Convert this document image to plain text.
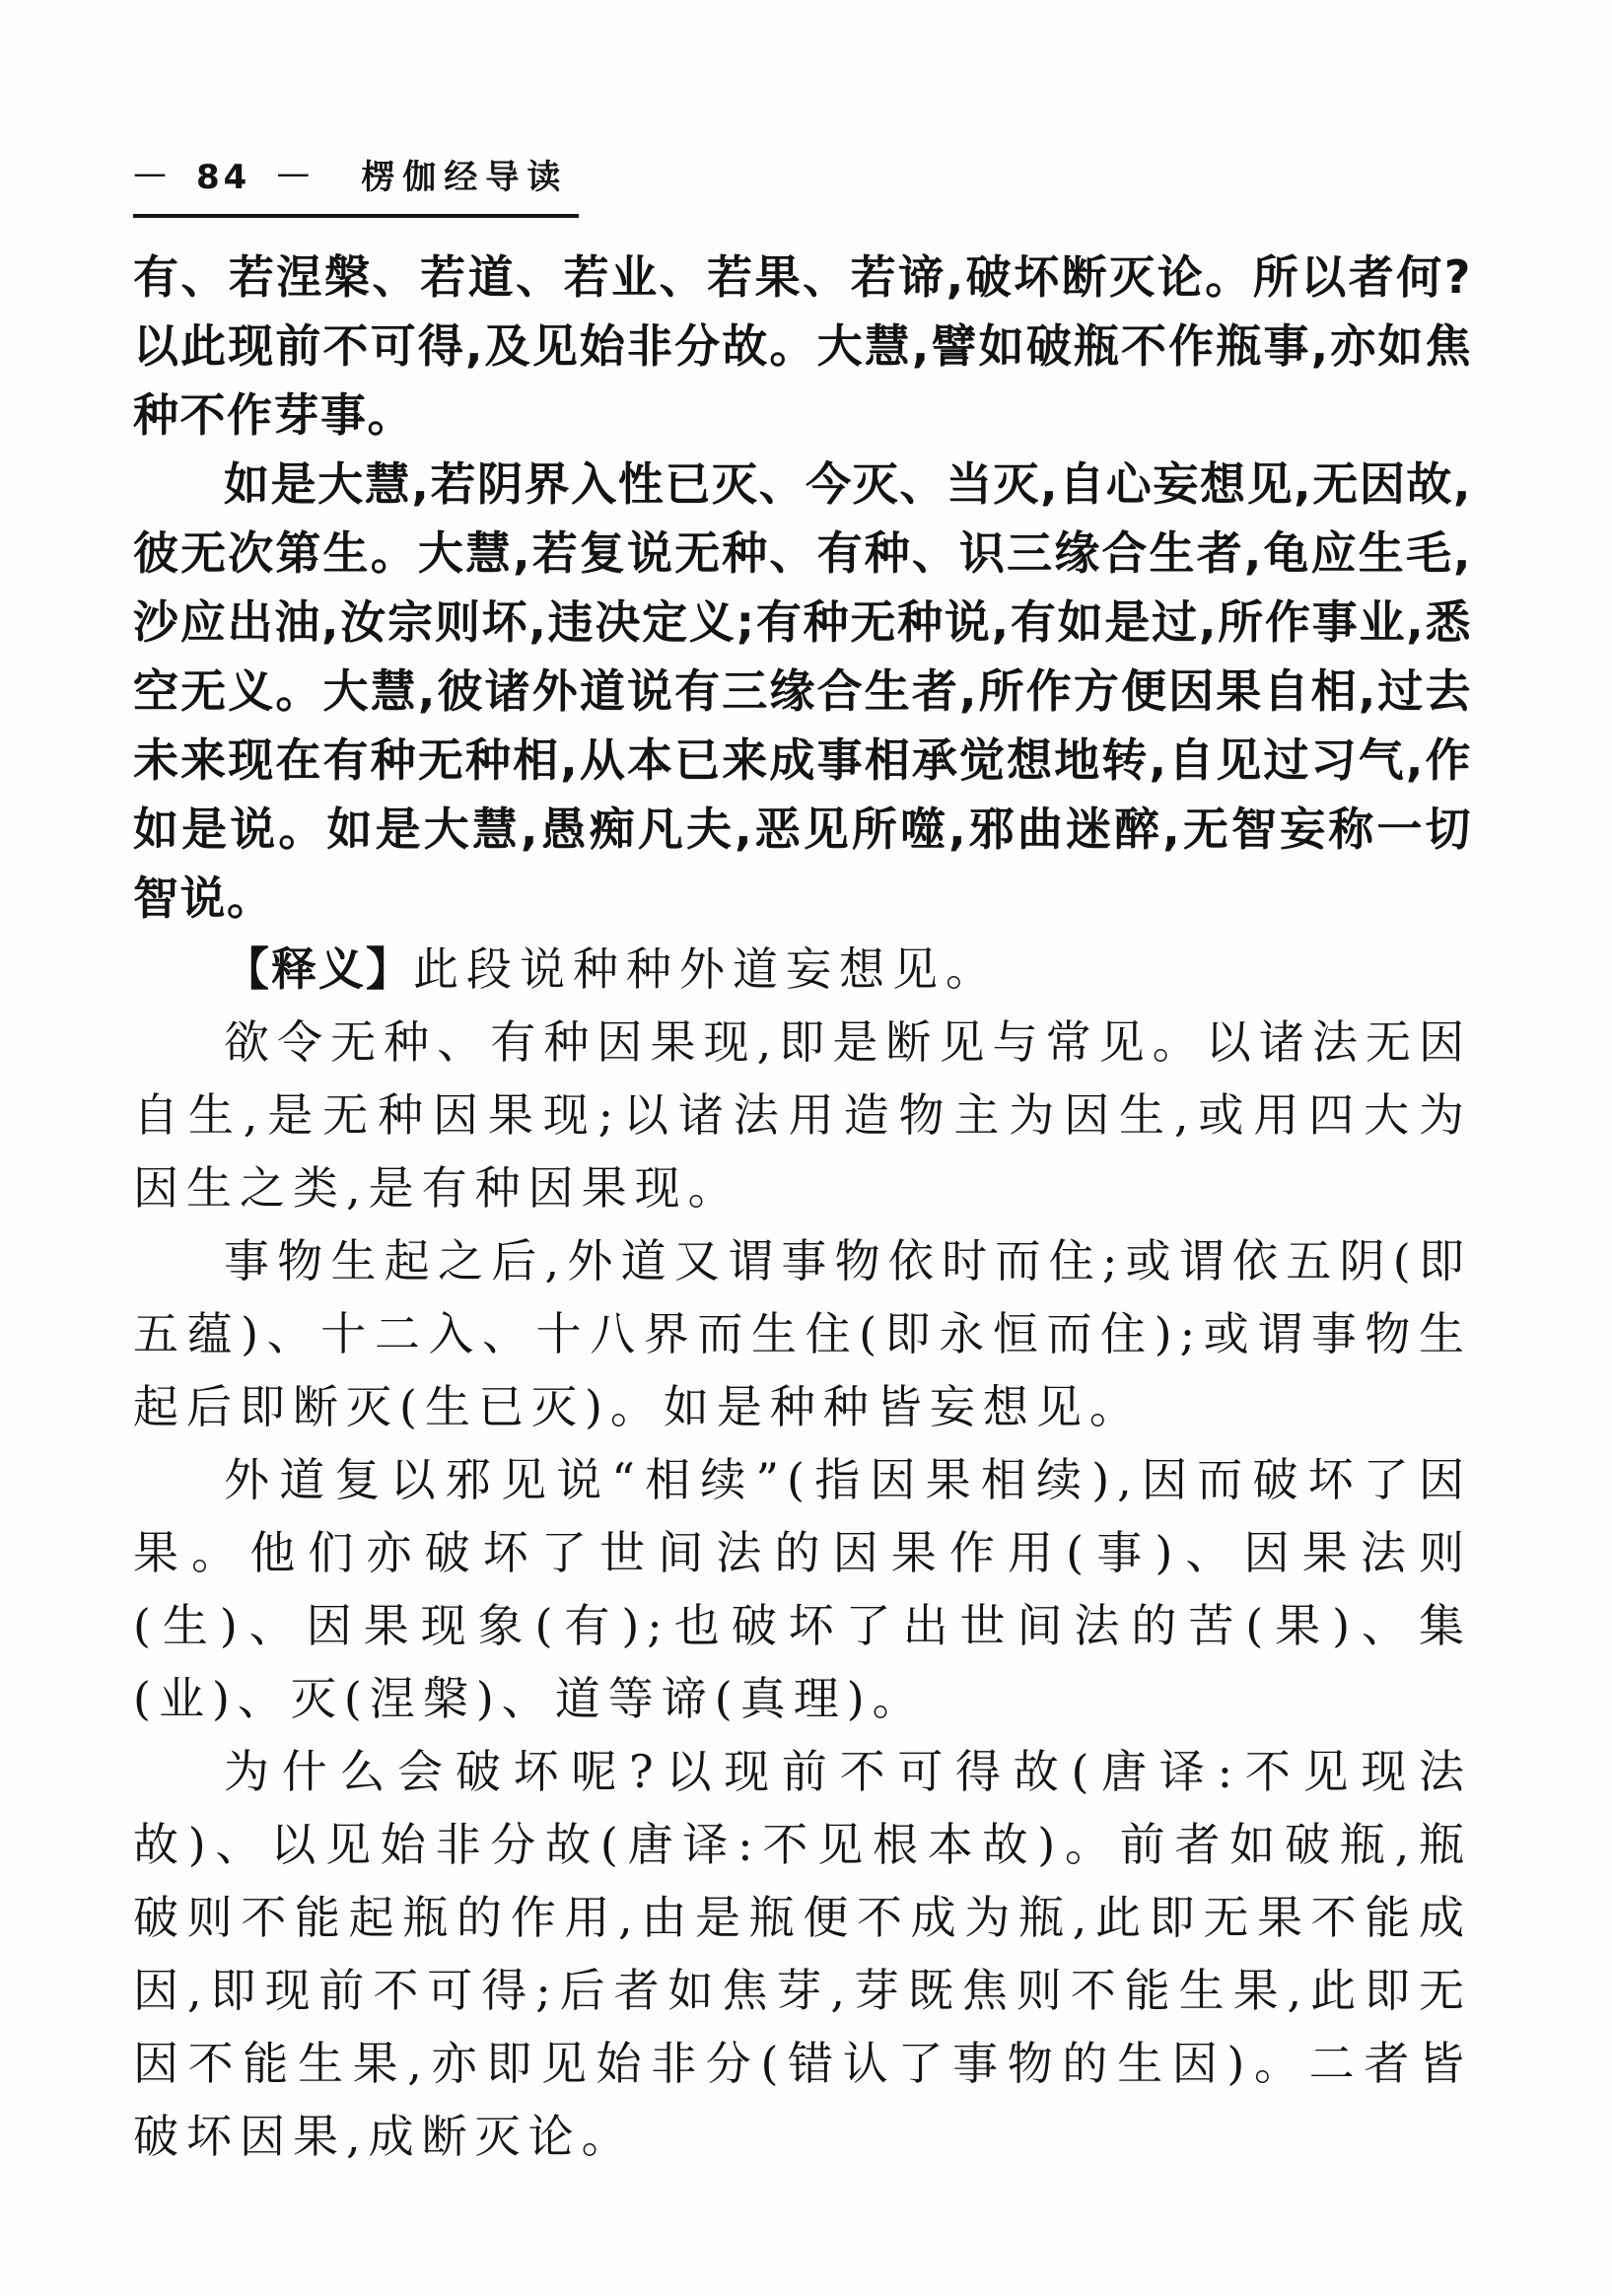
— 84 — 楞伽经导读

有、若涅槃、若道、若业、若果、若谛,破坏断灭论。所以者何?以此现前不可得,及见始非分故。大慧,譬如破瓶不作瓶事,亦如焦种不作芽事。

如是大慧,若阴界入性已灭、今灭、当灭,自心妄想见,无因故,彼无次第生。大慧,若复说无种、有种、识三缘合生者,龟应生毛,沙应出油,汝宗则坏,违决定义;有种无种说,有如是过,所作事业,悉空无义。大慧,彼诸外道说有三缘合生者,所作方便因果自相,过去未来现在有种无种相,从本已来成事相承觉想地转,自见过习气,作如是说。如是大慧,愚痴凡夫,恶见所噬,邪曲迷醉,无智妄称一切智说。

【释义】此段说种种外道妄想见。

欲令无种、有种因果现,即是断见与常见。以诸法无因自生,是无种因果现;以诸法用造物主为因生,或用四大为因生之类,是有种因果现。

事物生起之后,外道又谓事物依时而住;或谓依五阴(即五蕴)、十二入、十八界而生住(即永恒而住);或谓事物生起后即断灭(生已灭)。如是种种皆妄想见。

外道复以邪见说“相续”(指因果相续),因而破坏了因果。他们亦破坏了世间法的因果作用(事)、因果法则(生)、因果现象(有);也破坏了出世间法的苦(果)、集(业)、灭(涅槃)、道等谛(真理)。

为什么会破坏呢?以现前不可得故(唐译:不见现法故)、以见始非分故(唐译:不见根本故)。前者如破瓶,瓶破则不能起瓶的作用,由是瓶便不成为瓶,此即无果不能成因,即现前不可得;后者如焦芽,芽既焦则不能生果,此即无因不能生果,亦即见始非分(错认了事物的生因)。二者皆破坏因果,成断灭论。
